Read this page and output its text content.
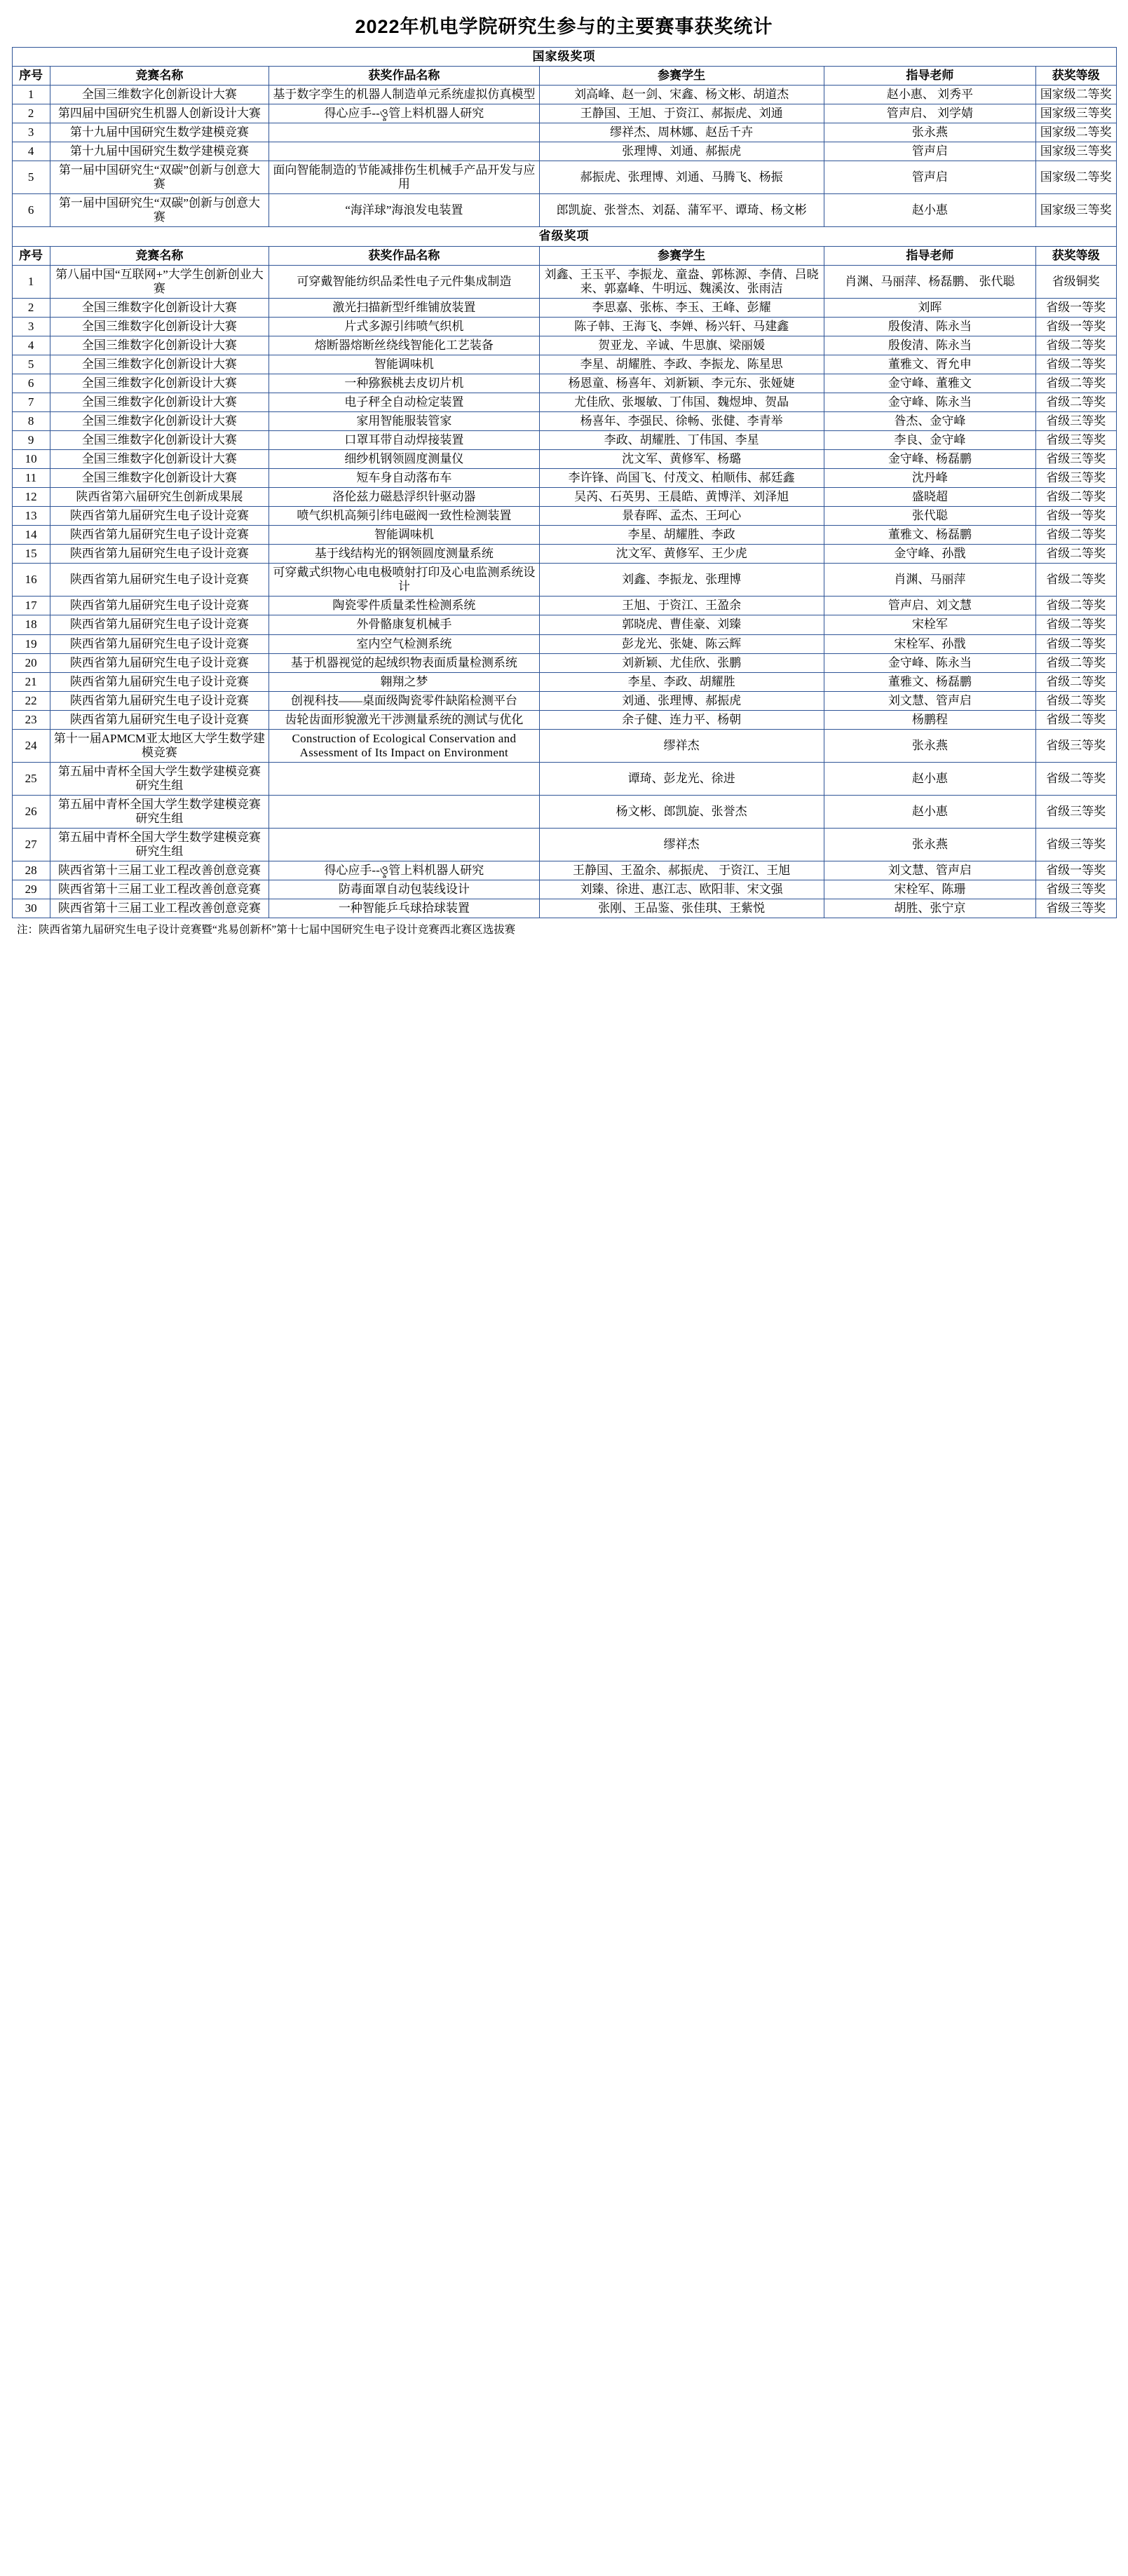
2022年机电学院研究生参与的主要赛事获奖统计
国家级奖项					
序号	竞赛名称	获奖作品名称	参赛学生	指导老师	获奖等级
1	全国三维数字化创新设计大赛	基于数字孪生的机器人制造单元系统虚拟仿真模型	刘高峰、赵一剑、宋鑫、杨文彬、胡道杰	赵小惠、 刘秀平	国家级二等奖
2	第四届中国研究生机器人创新设计大赛	得心应手--ওৢ管上料机器人研究	王静国、王旭、于资江、郝振虎、刘通	管声启、 刘学婧	国家级三等奖
3	第十九届中国研究生数学建模竞赛		缪祥杰、周林娜、赵岳千卉	张永燕	国家级二等奖
4	第十九届中国研究生数学建模竞赛		张理博、刘通、郝振虎	管声启	国家级三等奖
5	第一届中国研究生“双碳”创新与创意大赛	面向智能制造的节能减排伤生机械手产品开发与应用	郝振虎、张理博、刘通、马腾飞、杨振	管声启	国家级二等奖
6	第一届中国研究生“双碳”创新与创意大赛	“海洋球”海浪发电装置	郎凯旋、张誉杰、刘磊、蒲军平、谭琦、杨文彬	赵小惠	国家级三等奖
省级奖项					
序号	竞赛名称	获奖作品名称	参赛学生	指导老师	获奖等级
1	第八届中国“互联网+”大学生创新创业大赛	可穿戴智能纺织品柔性电子元件集成制造	刘鑫、王玉平、李振龙、童盎、郭栋源、李倩、吕晓来、郭嘉峰、牛明远、魏溪汝、张雨洁	肖渊、马丽萍、杨磊鹏、 张代聪	省级铜奖
2	全国三维数字化创新设计大赛	激光扫描新型纤维铺放装置	李思嘉、张栋、李玉、王峰、彭耀	刘晖	省级一等奖
3	全国三维数字化创新设计大赛	片式多源引纬喷气织机	陈子韩、王海飞、李婵、杨兴轩、马建鑫	殷俊清、陈永当	省级一等奖
4	全国三维数字化创新设计大赛	熔断器熔断丝绕线智能化工艺装备	贺亚龙、辛诚、牛思旗、梁丽媛	殷俊清、陈永当	省级二等奖
5	全国三维数字化创新设计大赛	智能调味机	李星、胡耀胜、李政、李振龙、陈星思	董雅文、胥允申	省级二等奖
6	全国三维数字化创新设计大赛	一种猕猴桃去皮切片机	杨恩童、杨喜年、刘新颖、李元东、张娅婕	金守峰、董雅文	省级二等奖
7	全国三维数字化创新设计大赛	电子秤全自动检定装置	尤佳欣、张堰敏、丁伟国、魏煜坤、贺晶	金守峰、陈永当	省级二等奖
8	全国三维数字化创新设计大赛	家用智能服装管家	杨喜年、李强民、徐畅、张健、李青举	昝杰、金守峰	省级三等奖
9	全国三维数字化创新设计大赛	口罩耳带自动焊接装置	李政、胡耀胜、丁伟国、李星	李良、金守峰	省级三等奖
10	全国三维数字化创新设计大赛	细纱机钢领圆度测量仪	沈文军、黄修军、杨璐	金守峰、杨磊鹏	省级三等奖
11	全国三维数字化创新设计大赛	短车身自动落布车	李许锋、尚国飞、付茂文、柏顺伟、郝廷鑫	沈丹峰	省级三等奖
12	陕西省第六届研究生创新成果展	洛伦兹力磁悬浮织针驱动器	吴芮、石英男、王晨皓、黄博洋、刘泽旭	盛晓超	省级二等奖
13	陕西省第九届研究生电子设计竞赛	喷气织机高频引纬电磁阀一致性检测装置	景春晖、孟杰、王珂心	张代聪	省级一等奖
14	陕西省第九届研究生电子设计竞赛	智能调味机	李星、胡耀胜、李政	董雅文、杨磊鹏	省级二等奖
15	陕西省第九届研究生电子设计竞赛	基于线结构光的钢领圆度测量系统	沈文军、黄修军、王少虎	金守峰、孙戬	省级二等奖
16	陕西省第九届研究生电子设计竞赛	可穿戴式织物心电电极喷射打印及心电监测系统设计	刘鑫、李振龙、张理博	肖渊、马丽萍	省级二等奖
17	陕西省第九届研究生电子设计竞赛	陶瓷零件质量柔性检测系统	王旭、于资江、王盈余	管声启、刘文慧	省级二等奖
18	陕西省第九届研究生电子设计竞赛	外骨骼康复机械手	郭晓虎、曹佳豪、刘臻	宋栓军	省级二等奖
19	陕西省第九届研究生电子设计竞赛	室内空气检测系统	彭龙光、张婕、陈云辉	宋栓军、孙戬	省级二等奖
20	陕西省第九届研究生电子设计竞赛	基于机器视觉的起绒织物表面质量检测系统	刘新颖、尤佳欣、张鹏	金守峰、陈永当	省级二等奖
21	陕西省第九届研究生电子设计竞赛	翱翔之梦	李星、李政、胡耀胜	董雅文、杨磊鹏	省级二等奖
22	陕西省第九届研究生电子设计竞赛	创视科技——桌面级陶瓷零件缺陷检测平台	刘通、张理博、郝振虎	刘文慧、管声启	省级二等奖
23	陕西省第九届研究生电子设计竞赛	齿轮齿面形貌激光干涉测量系统的测试与优化	余子健、连力平、杨朝	杨鹏程	省级二等奖
24	第十一届APMCM亚太地区大学生数学建模竞赛	Construction of Ecological Conservation and Assessment of Its Impact on Environment	缪祥杰	张永燕	省级三等奖
25	第五届中青杯全国大学生数学建模竞赛研究生组		谭琦、彭龙光、徐进	赵小惠	省级二等奖
26	第五届中青杯全国大学生数学建模竞赛研究生组		杨文彬、郎凯旋、张誉杰	赵小惠	省级三等奖
27	第五届中青杯全国大学生数学建模竞赛研究生组		缪祥杰	张永燕	省级三等奖
28	陕西省第十三届工业工程改善创意竞赛	得心应手--ওৢ管上料机器人研究	王静国、王盈余、郝振虎、 于资江、王旭	刘文慧、管声启	省级一等奖
29	陕西省第十三届工业工程改善创意竞赛	防毒面罩自动包装线设计	刘臻、徐进、惠江志、欧阳菲、宋文强	宋栓军、陈珊	省级三等奖
30	陕西省第十三届工业工程改善创意竞赛	一种智能乒乓球拾球装置	张刚、王品鉴、张佳琪、王紫悦	胡胜、张宁京	省级三等奖
注：陕西省第九届研究生电子设计竞赛暨“兆易创新杯”第十七届中国研究生电子设计竞赛西北赛区选拔赛
